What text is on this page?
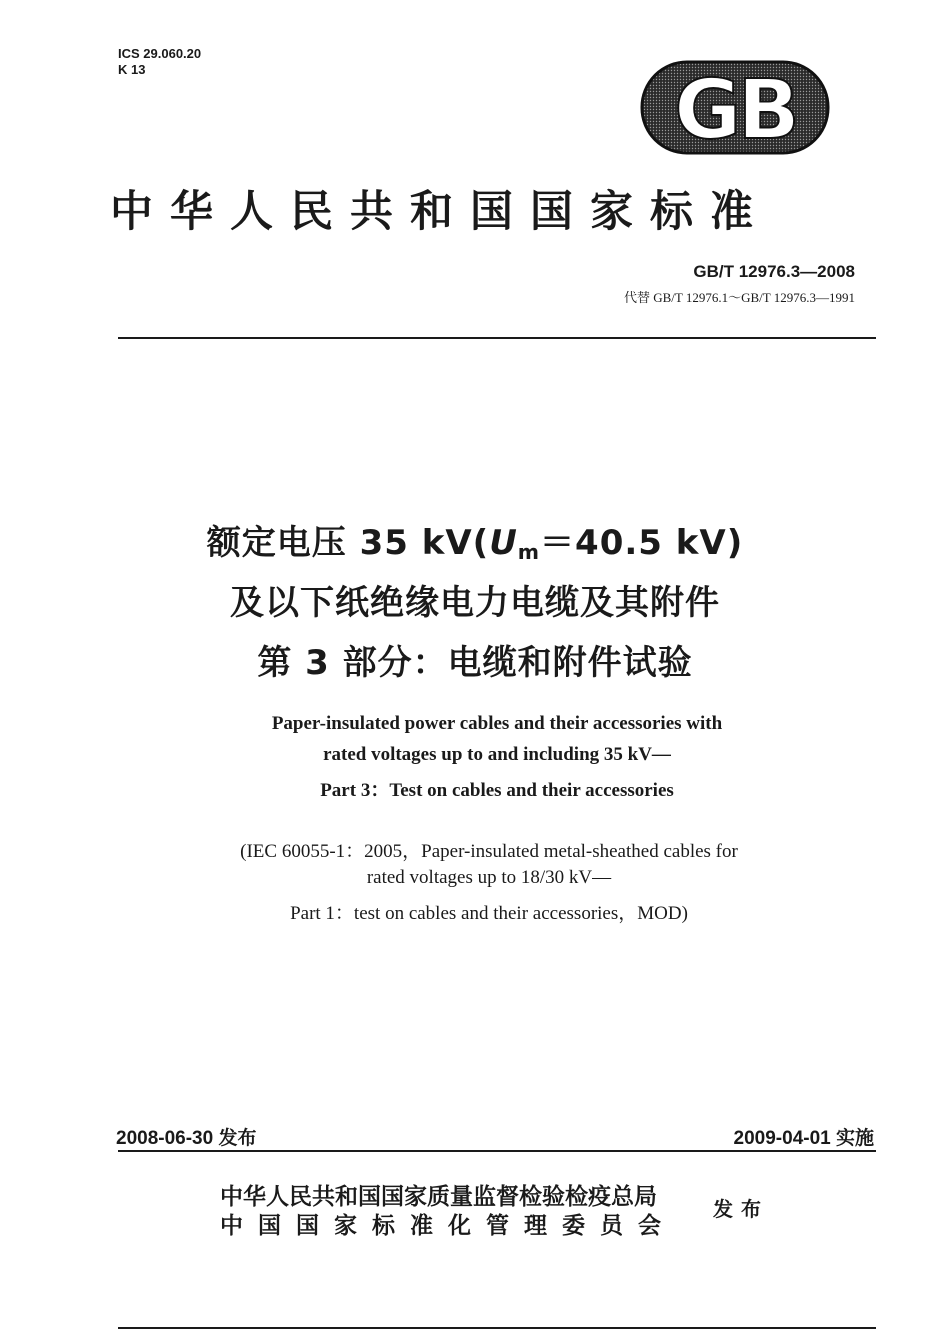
ICS 29.060.20
K 13	GB
中华人民共和国国家标准
GB/T 12976.3—2008
代替 GB/T 12976.1～GB/T 12976.3—1991
额定电压 35 kV(Um＝40.5 kV)
及以下纸绝缘电力电缆及其附件
第 3 部分：电缆和附件试验
Paper-insulated power cables and their accessories with
rated voltages up to and including 35 kV—
Part 3：Test on cables and their accessories
(IEC 60055-1：2005，Paper-insulated metal-sheathed cables for
rated voltages up to 18/30 kV—
Part 1：test on cables and their accessories，MOD)
2008-06-30 发布	2009-04-01 实施
中华人民共和国国家质量监督检验检疫总局
中国国家标准化管理委员会
发布
